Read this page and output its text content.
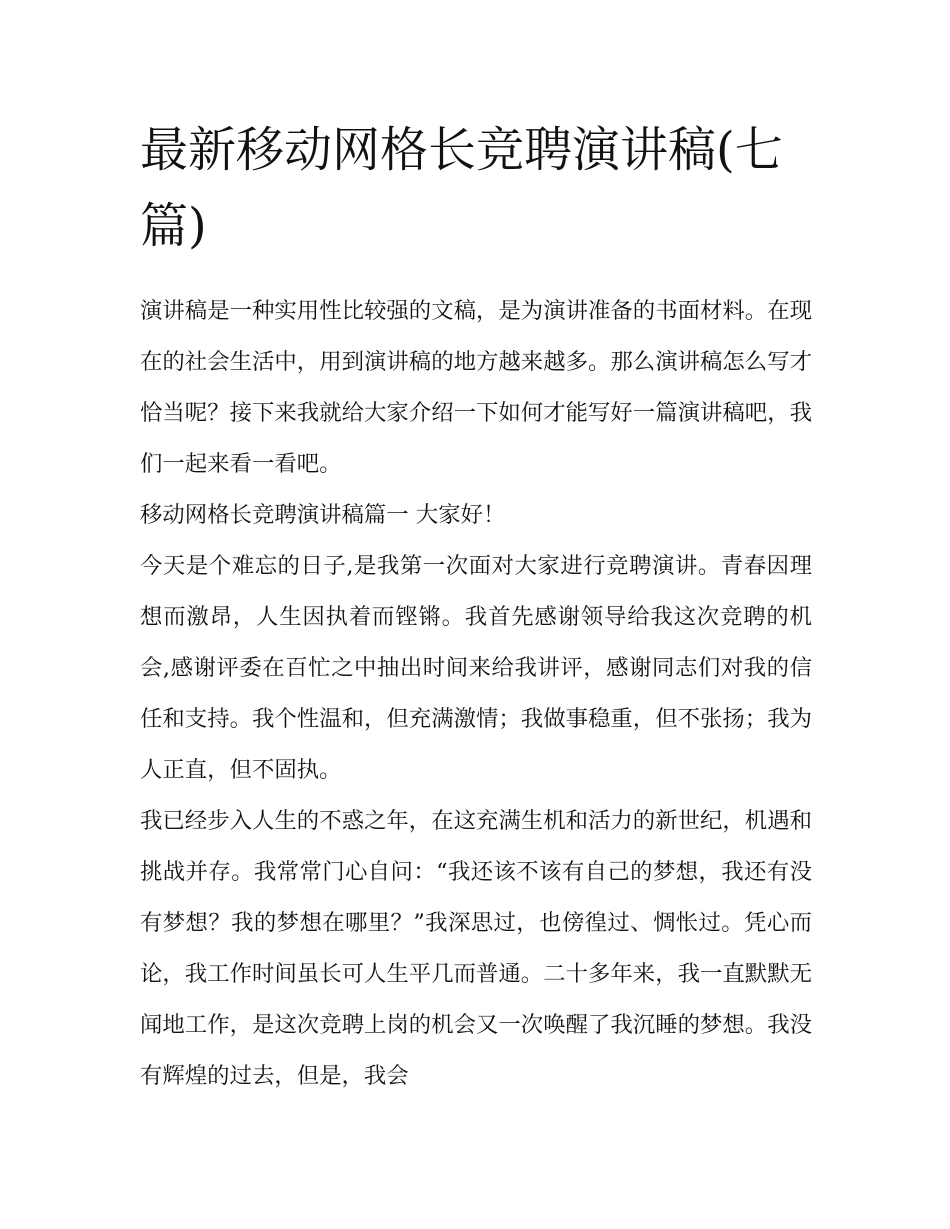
最新移动网格长竞聘演讲稿(七篇)

演讲稿是一种实用性比较强的文稿，是为演讲准备的书面材料。在现在的社会生活中，用到演讲稿的地方越来越多。那么演讲稿怎么写才恰当呢？接下来我就给大家介绍一下如何才能写好一篇演讲稿吧，我们一起来看一看吧。

移动网格长竞聘演讲稿篇一 大家好！

今天是个难忘的日子,是我第一次面对大家进行竞聘演讲。青春因理想而激昂，人生因执着而铿锵。我首先感谢领导给我这次竞聘的机会,感谢评委在百忙之中抽出时间来给我讲评，感谢同志们对我的信任和支持。我个性温和，但充满激情；我做事稳重，但不张扬；我为人正直，但不固执。

我已经步入人生的不惑之年，在这充满生机和活力的新世纪，机遇和挑战并存。我常常门心自问：“我还该不该有自己的梦想，我还有没有梦想？我的梦想在哪里？”我深思过，也傍徨过、惆怅过。凭心而论，我工作时间虽长可人生平几而普通。二十多年来，我一直默默无闻地工作，是这次竞聘上岗的机会又一次唤醒了我沉睡的梦想。我没有辉煌的过去，但是，我会
